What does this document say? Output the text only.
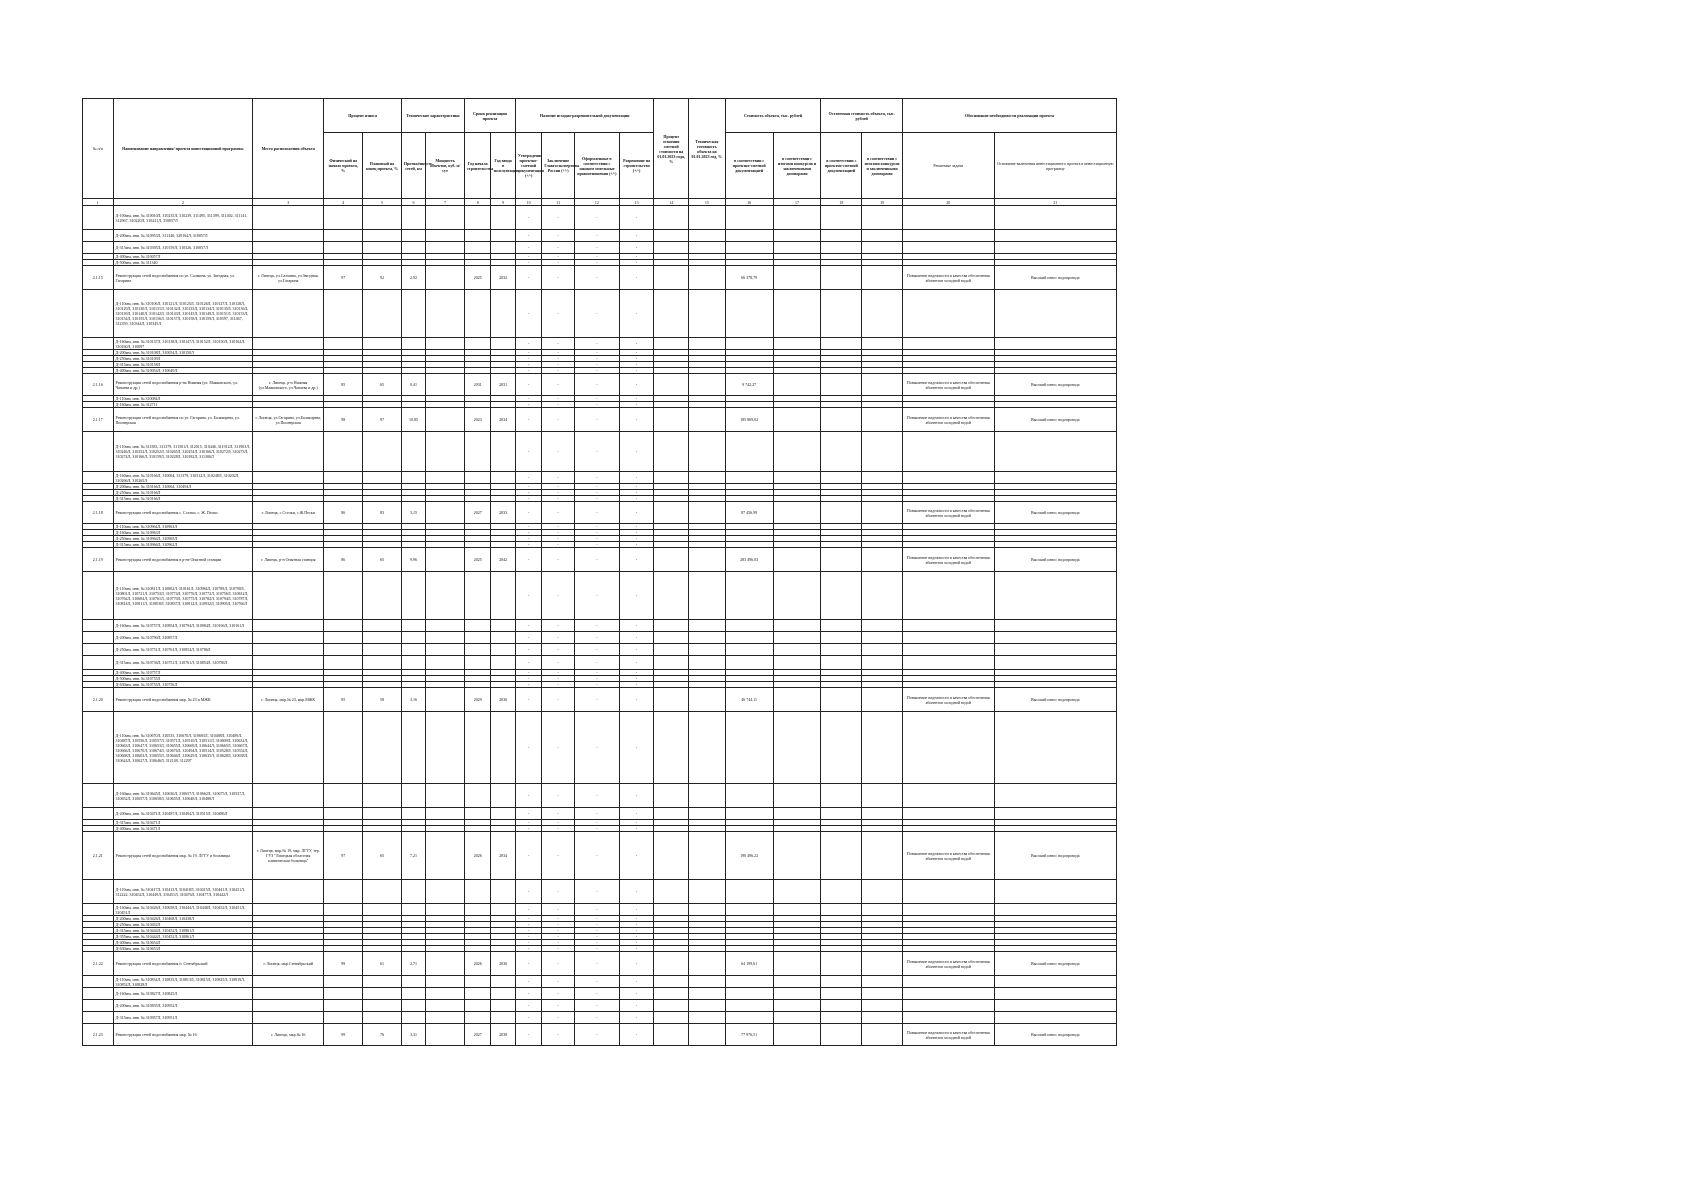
№ п/п	Наименование направления/ проекта инвестиционной программы	Место расположения объекта	Процент износа		Технические характеристики		Сроки реализации проекта		Наличие исходно-разрешительной документации				Процент освоения сметной стоимости на 01.01.2023 года, %	Техническая готовность объекта на 01.01.2023 год, %	Стоимость объекта, тыс. рублей		Остаточная стоимость объекта, тыс. рублей		Обоснование необходимости реализации проекта	
			Физический на начало проекта, %	Плановый на конец проекта, %	Протяжённость сетей, км	Мощность объектов, куб. м/сут	Год начала строительства	Год ввода в эксплуатацию	Утверждение проектно-сметной документации (+/-)	Заключение Главгосэкспертизы России (+/-)	Оформленные в соответствии с законом земельные правоотношения (+/-)	Разрешение на строительство (+/-)			в соответствии с проектно-сметной документацией	в соответствии с итогами конкурсов и заключенными договорами	в соответствии с проектно-сметной документацией	в соответствии с итогами конкурсов и заключенными договорами	Решаемые задачи	Основание включения инвестиционного проекта в инвестиционную программу
1	2	3	4	5	6	7	8	9	10	11	12	13	14	15	16	17	18	19	20	21
	Д-100мм, инв. № 310010Л, 310235Л, 310239, 311495, 311399, 311402, 311141, 312967, 310220Л, 310221Л, 310057Л								-	-	-	-								
	Д-200мм, инв. № 310953Л, 311340, 320164Л, 310057Л								-	-	-	-								
	Д-315мм, инв. № 310395Л, 310159Л, 310326, 310057Л								-	-	-	-								
	Д-400мм, инв. № 310057Л								-	-	-	-								
	Д-500мм, инв. № 311340								-	-	-	-								
2.1.15	Реконструкция сетей водоснабжения по ул. Салмина, ул. Звездная, ул. Гагарина	г. Липецк, ул.Салмина, ул.Звездная, ул.Гагарина	97	92	2,92		2025	2032	-	-	-	-			66 378,79				Повышение надежности и качества обеспечения абонентов холодной водой	Высокий износ водопровода
	Д-110мм, инв. № 310106Л, 310121Л, 310125Л, 310126Л, 310127Л, 310128Л, 310129Л, 310130Л, 310131Л, 310132Л, 310133Л, 310134Л, 310135Л, 310136Л, 310139Л, 310140Л, 310142Л, 310143Л, 310145Л, 310149Л, 310151Л, 310153Л, 310154Л, 310155Л, 310156Л, 310157Л, 310158Л, 310159Л, 310597, 311467, 312359, 310344Л, 310345Л								-	-	-	-								
	Д-160мм, инв. № 310137Л, 310138Л, 310147Л, 310152Л, 310150Л, 310162Л, 310160Л, 310097								-	-	-	-								
	Д-200мм, инв. № 310108Л, 310054Л, 310150Л								-	-	-	-								
	Д-250мм, инв. № 310109Л								-	-	-	-								
	Д-315мм, инв. № 310158Л								-	-	-	-								
	Д-400мм, инв. № 310054Л, 310649Л								-	-	-	-								
2.1.16	Реконструкция сетей водоснабжения р-на Нижняя (ул. Маяковского, ул. Чапаева и др.)	г. Липецк, р-н Нижняя (ул.Маяковского, ул.Чапаева и др.)	85	65	0,41		2031	2031	-	-	-	-			9 742,27				Повышение надежности и качества обеспечения абонентов холодной водой	Высокий износ водопровода
	Д-110мм, инв. № 310084Л								-	-	-	-								
	Д-160мм, инв. № 312711								-	-	-	-								
2.1.17	Реконструкция сетей водоснабжения по ул. Гагарина, ул. Балакирева, ул. Пионерская	г. Липецк, ул.Гагарина, ул.Балакирева, ул.Пионерская	98	97	10,85		2023	2034	-	-	-	-			185 869,02				Повышение надежности и качества обеспечения абонентов холодной водой	Высокий износ водопровода
	Д-110мм, инв. № 311583, 311379, 311501Л, 312015, 310446, 311912Л, 311903Л, 310246Л, 310252Л, 310252Л, 310265Л, 310254Л, 310166Л, 310272Л, 310273Л, 310274Л, 310166Л, 310159Л, 310228Л, 310182Л, 311306Л								-	-	-	-								
	Д-160мм, инв. № 310166Л, 310064, 311379, 310312Л, 310248Л, 310202Л, 310266Л, 310265Л								-	-	-	-								
	Д-200мм, инв. № 310166Л, 310064, 310494Л								-	-	-	-								
	Д-250мм, инв. № 310166Л								-	-	-	-								
	Д-315мм, инв. № 310166Л								-	-	-	-								
2.1.18	Реконструкция сетей водоснабжения с. Сселки, с. Ж. Пески	г. Липецк, с.Сселки, с.Ж.Пески	86	83	3,15		2027	2033	-	-	-	-			87 456,99				Повышение надежности и качества обеспечения абонентов холодной водой	Высокий износ водопровода
	Д-110мм, инв. № 310964Л, 310963Л								-	-	-	-								
	Д-160мм, инв. № 310963Л								-	-	-	-								
	Д-250мм, инв. № 310964Л, 310965Л								-	-	-	-								
	Д-315мм, инв. № 310966Л, 310962Л								-	-	-	-								
2.1.19	Реконструкция сетей водоснабжения в р-не Опытной станции	г. Липецк, р-н Опытная станция	86	65	9,96		2025	2042	-	-	-	-			283 496,03				Повышение надежности и качества обеспечения абонентов холодной водой	Высокий износ водопровода
	Д-110мм, инв. № 310811Л, 310802Л, 310161Л, 310984Л, 310789Л, 310790Л, 310801Л, 310721Л, 310753Л, 310774Л, 310776Л, 310772Л, 310756Л, 310812Л, 310764Л, 310684Л, 310761Л, 310770Л, 310775Л, 310782Л, 310794Л, 310787Л, 310814Л, 310811Л, 310818Л, 310837Л, 310812Л, 310932Л, 310905Л, 310766Л								-	-	-	-								
	Д-160мм, инв. № 310757Л, 310854Л, 310794Л, 310984Л, 310166Л, 310161Л								-	-	-	-								
	Д-200мм, инв. № 310790Л, 310857Л								-	-	-	-								
	Д-250мм, инв. № 310751Л, 310761Л, 310854Л, 310786Л								-	-	-	-								
	Д-315мм, инв. № 310736Л, 310751Л, 310761Л, 310854Л, 310786Л								-	-	-	-								
	Д-400мм, инв. № 310757Л								-	-	-	-								
	Д-500мм, инв. № 310755Л								-	-	-	-								
	Д-630мм, инв. № 310755Л, 310756Л								-	-	-	-								
2.1.20	Реконструкция сетей водоснабжения мкр. № 23 и МЖК	г. Липецк, мкр.№ 23, мкр.МЖК	85	58	3,16		2029	2036	-	-	-	-			46 744,11				Повышение надежности и качества обеспечения абонентов холодной водой	Высокий износ водопровода
	Д-110мм, инв. № 310670Л, 310535, 310670Л, 310683Л, 310488Л, 310489Л, 310487Л, 310556Л, 310557Л, 310571Л, 310510Л, 310511Л, 310609Л, 310632Л, 310663Л, 310647Л, 310653Л, 310655Л, 310669Л, 310644Л, 310665Л, 310667Л, 310666Л, 310670Л, 310674Л, 310676Л, 310494Л, 310514Л, 310528Л, 310552Л, 310668Л, 310603Л, 310655Л, 310646Л, 310629Л, 310635Л, 310628Л, 310638Л, 310624Л, 310627Л, 310646Л, 312148, 312297								-	-	-	-								
	Д-160мм, инв. № 310645Л, 310636Л, 310657Л, 310662Л, 310675Л, 310537Л, 310652Л, 310657Л, 310658Л, 310655Л, 310648Л, 310488Л								-	-	-	-								
	Д-200мм, инв. № 310471Л, 310487Л, 310494Л, 310515Л, 310486Л								-	-	-	-								
	Д-315мм, инв. № 310471Л								-	-	-	-								
	Д-400мм, инв. № 310471Л								-	-	-	-								
2.1.21	Реконструкция сетей водоснабжения мкр. № 19, ЛГТУ и больницы	г. Липецк, мкр.№ 19, мкр. ЛГТУ, тер. ГУЗ "Липецкая областная клиническая больница"	97	65	7,21		2026	2034	-	-	-	-			190 496,22				Повышение надежности и качества обеспечения абонентов холодной водой	Высокий износ водопровода
	Д-110мм, инв. № 310417Л, 310413Л, 310418Л, 310415Л, 310441Л, 310431Л, 312222, 310452Л, 310449Л, 310451Л, 310476Л, 310477Л, 310442Л								-	-	-	-								
	Д-160мм, инв. № 310426Л, 310658Л, 310444Л, 310448Л, 310452Л, 310451Л, 310451Л								-	-	-	-								
	Д-200мм, инв. № 310426Л, 310468Л, 310438Л								-	-	-	-								
	Д-250мм, инв. № 310452Л								-	-	-	-								
	Д-315мм, инв. № 310444Л, 310452Л, 310861Л								-	-	-	-								
	Д-355мм, инв. № 310444Л, 310452Л, 310861Л								-	-	-	-								
	Д-400мм, инв. № 310654Л								-	-	-	-								
	Д-630мм, инв. № 310653Л								-	-	-	-								
2.1.22	Реконструкция сетей водоснабжения п. Сентябрьский	г. Липецк, мкр.Сентябрьский	99	61	2,71		2026	2036	-	-	-	-			64 199,61				Повышение надежности и качества обеспечения абонентов холодной водой	Высокий износ водопровода
	Д-110мм, инв. № 310834Л, 310835Л, 310813Л, 310815Л, 310825Л, 310819Л, 310852Л, 310828Л								-	-	-	-								
	Д-160мм, инв. № 310827Л, 310825Л								-	-	-	-								
	Д-200мм, инв. № 310835Л, 310952Л								-	-	-	-								
	Д-315мм, инв. № 310957Л, 310951Л								-	-	-	-								
2.1.23	Реконструкция сетей водоснабжения мкр. № 16	г. Липецк, мкр.№ 16	99	76	3,31		2027	2038	-	-	-	-			77 976,51				Повышение надежности и качества обеспечения абонентов холодной водой	Высокий износ водопровода
